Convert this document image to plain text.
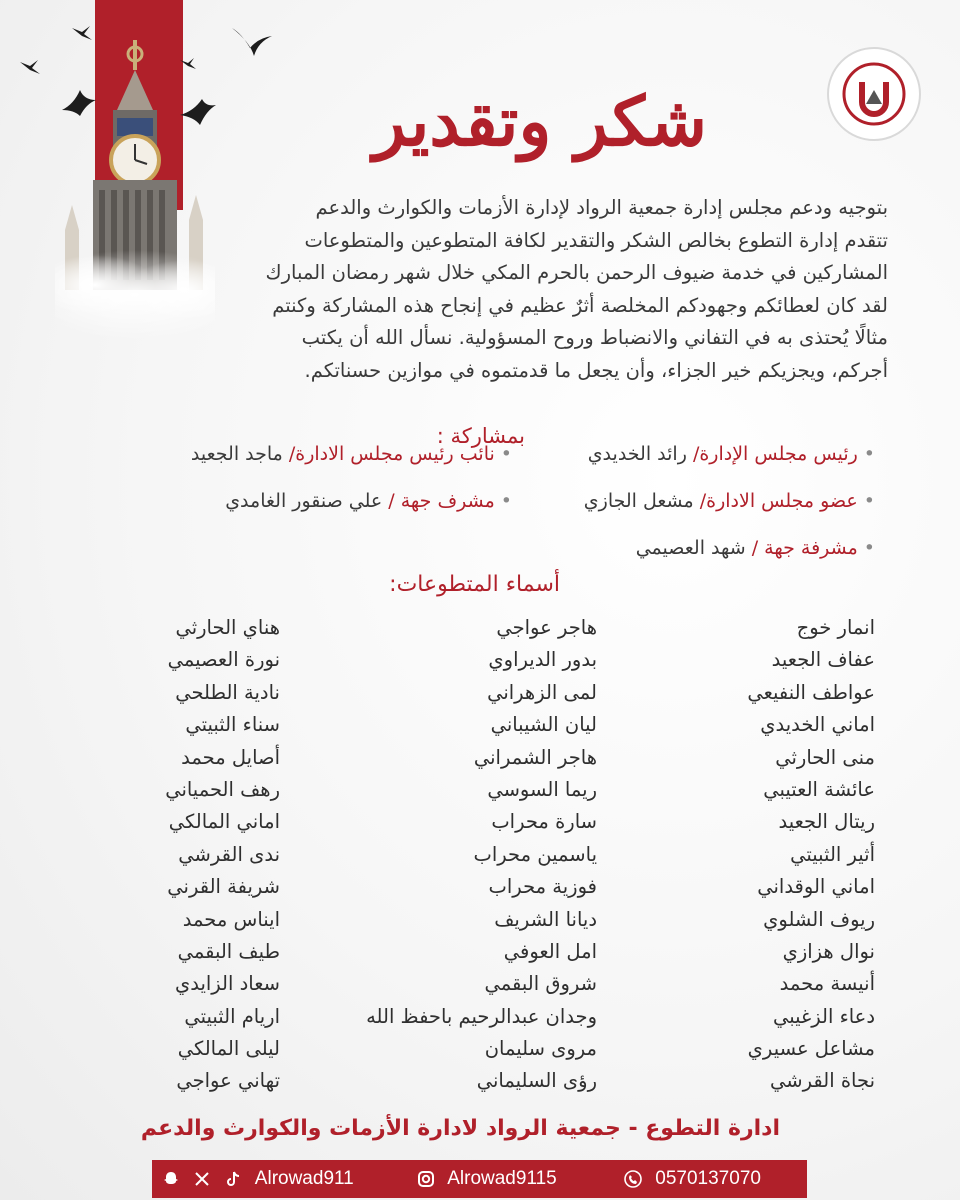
شكر وتقدير
بتوجيه ودعم مجلس إدارة جمعية الرواد لإدارة الأزمات والكوارث والدعم
تتقدم إدارة التطوع بخالص الشكر والتقدير لكافة المتطوعين والمتطوعات
المشاركين في خدمة ضيوف الرحمن بالحرم المكي خلال شهر رمضان المبارك
لقد كان لعطائكم وجهودكم المخلصة أثرٌ عظيم في إنجاح هذه المشاركة وكنتم
مثالًا يُحتذى به في التفاني والانضباط وروح المسؤولية. نسأل الله أن يكتب
أجركم، ويجزيكم خير الجزاء، وأن يجعل ما قدمتموه في موازين حسناتكم.
بمشاركة :
•رئيس مجلس الإدارة/ رائد الخديدي
•نائب رئيس مجلس الادارة/ ماجد الجعيد
•عضو مجلس الادارة/ مشعل الجازي
•مشرف جهة / علي صنقور الغامدي
•مشرفة جهة / شهد العصيمي
أسماء المتطوعات:
انمار خوج
عفاف الجعيد
عواطف النفيعي
اماني الخديدي
منى الحارثي
عائشة العتيبي
ريتال الجعيد
أثير الثبيتي
اماني الوقداني
ريوف الشلوي
نوال هزازي
أنيسة محمد
دعاء الزغيبي
مشاعل عسيري
نجاة القرشي
هاجر عواجي
بدور الديراوي
لمى الزهراني
ليان الشيباني
هاجر الشمراني
ريما السوسي
سارة محراب
ياسمين محراب
فوزية محراب
ديانا الشريف
امل العوفي
شروق البقمي
وجدان عبدالرحيم باحفظ الله
مروى سليمان
رؤى السليماني
هناي الحارثي
نورة العصيمي
نادية الطلحي
سناء الثبيتي
أصايل محمد
رهف الحمياني
اماني المالكي
ندى القرشي
شريفة القرني
ايناس محمد
طيف البقمي
سعاد الزايدي
اريام الثبيتي
ليلى المالكي
تهاني عواجي
ادارة التطوع - جمعية الرواد لادارة الأزمات والكوارث والدعم
Alrowad911	Alrowad9115	0570137070
